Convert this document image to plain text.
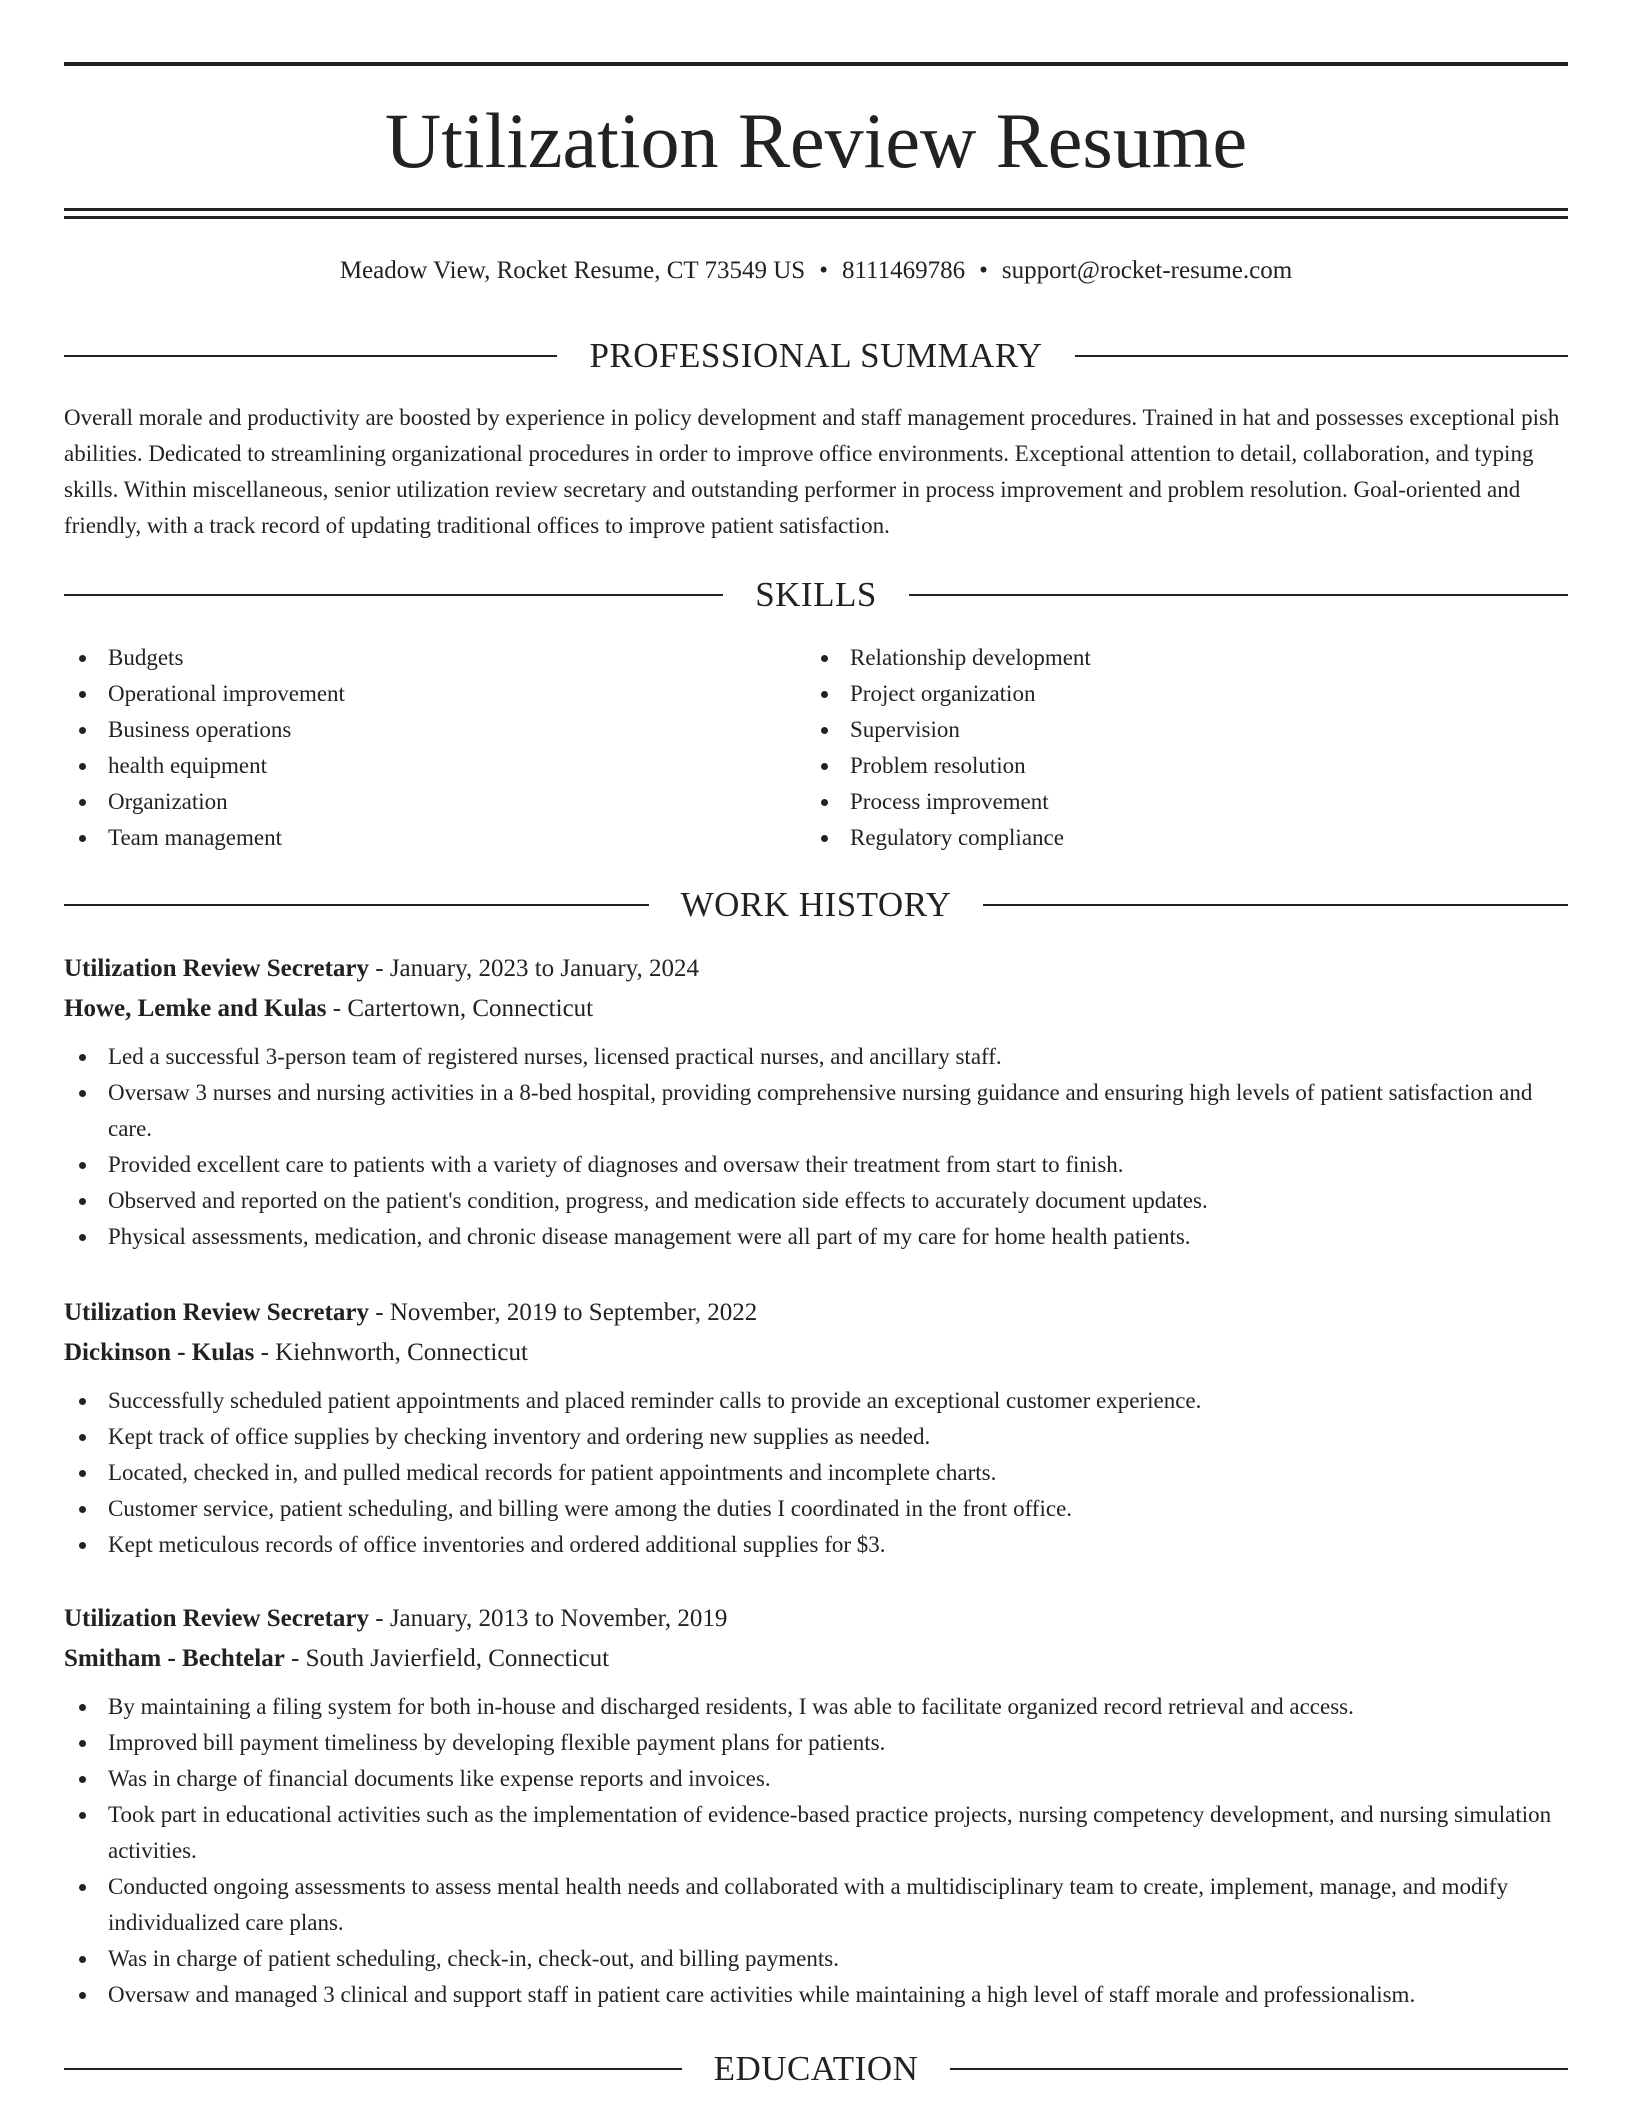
Utilization Review Resume
Meadow View, Rocket Resume, CT 73549 US • 8111469786 • support@rocket-resume.com
PROFESSIONAL SUMMARY

Overall morale and productivity are boosted by experience in policy development and staff management procedures. Trained in hat and possesses exceptional pish abilities. Dedicated to streamlining organizational procedures in order to improve office environments. Exceptional attention to detail, collaboration, and typing skills. Within miscellaneous, senior utilization review secretary and outstanding performer in process improvement and problem resolution. Goal-oriented and friendly, with a track record of updating traditional offices to improve patient satisfaction.

SKILLS
Budgets
Operational improvement
Business operations
health equipment
Organization
Team management
Relationship development
Project organization
Supervision
Problem resolution
Process improvement
Regulatory compliance
WORK HISTORY
Utilization Review Secretary - January, 2023 to January, 2024
Howe, Lemke and Kulas - Cartertown, Connecticut
Led a successful 3-person team of registered nurses, licensed practical nurses, and ancillary staff.
Oversaw 3 nurses and nursing activities in a 8-bed hospital, providing comprehensive nursing guidance and ensuring high levels of patient satisfaction and care.
Provided excellent care to patients with a variety of diagnoses and oversaw their treatment from start to finish.
Observed and reported on the patient's condition, progress, and medication side effects to accurately document updates.
Physical assessments, medication, and chronic disease management were all part of my care for home health patients.
Utilization Review Secretary - November, 2019 to September, 2022
Dickinson - Kulas - Kiehnworth, Connecticut
Successfully scheduled patient appointments and placed reminder calls to provide an exceptional customer experience.
Kept track of office supplies by checking inventory and ordering new supplies as needed.
Located, checked in, and pulled medical records for patient appointments and incomplete charts.
Customer service, patient scheduling, and billing were among the duties I coordinated in the front office.
Kept meticulous records of office inventories and ordered additional supplies for $3.
Utilization Review Secretary - January, 2013 to November, 2019
Smitham - Bechtelar - South Javierfield, Connecticut
By maintaining a filing system for both in-house and discharged residents, I was able to facilitate organized record retrieval and access.
Improved bill payment timeliness by developing flexible payment plans for patients.
Was in charge of financial documents like expense reports and invoices.
Took part in educational activities such as the implementation of evidence-based practice projects, nursing competency development, and nursing simulation activities.
Conducted ongoing assessments to assess mental health needs and collaborated with a multidisciplinary team to create, implement, manage, and modify individualized care plans.
Was in charge of patient scheduling, check-in, check-out, and billing payments.
Oversaw and managed 3 clinical and support staff in patient care activities while maintaining a high level of staff morale and professionalism.
EDUCATION
